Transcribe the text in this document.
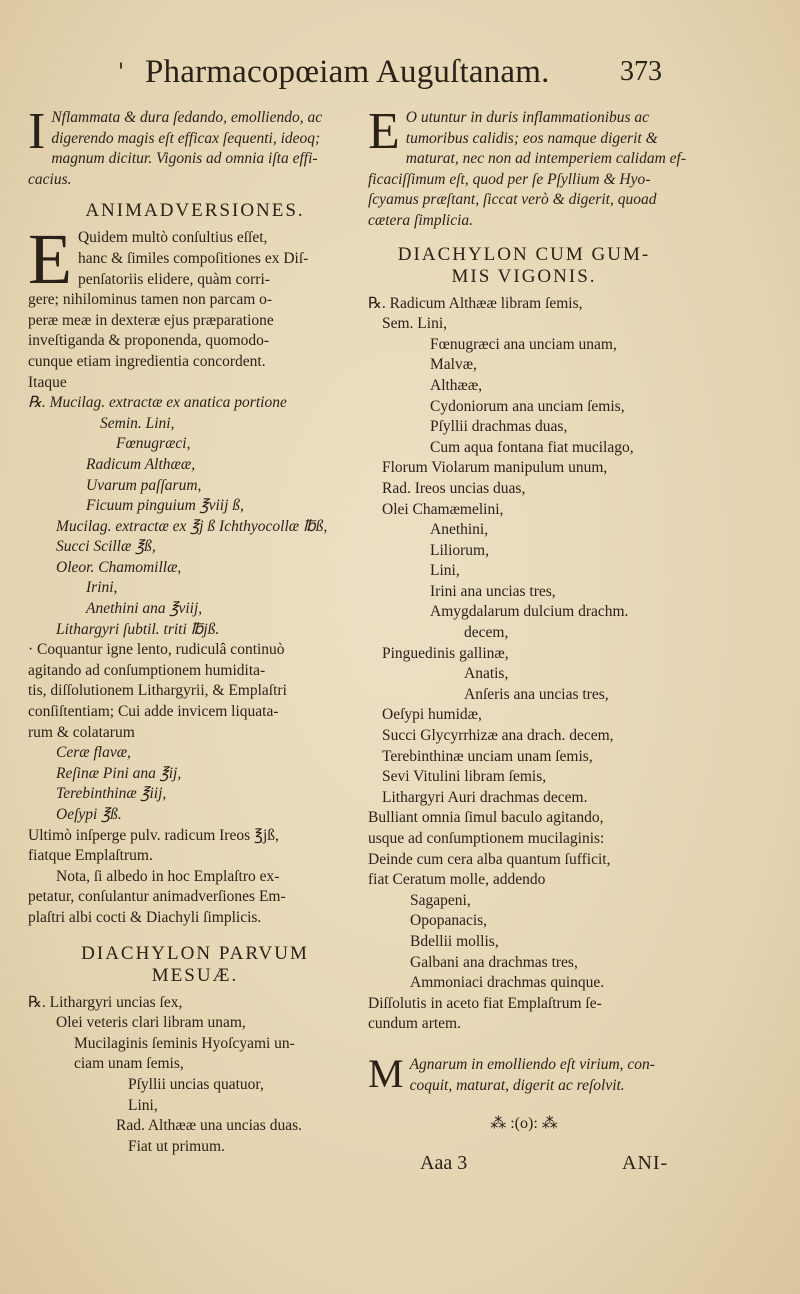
' Pharmacopœiam Auguſtanam.	373
I Nflammata & dura ſedando, emolliendo, ac
digerendo magis eſt efficax ſequenti, ideoq;
magnum dicitur. Vigonis ad omnia iſta effi-
cacius.
ANIMADVERSIONES.
E Quidem multò conſultius eſſet,
hanc & ſimiles compoſitiones ex Diſ-
penſatoriis elidere, quàm corri-
gere; nihilominus tamen non parcam o-
peræ meæ in dexteræ ejus præparatione
inveſtiganda & proponenda, quomodo-
cunque etiam ingredientia concordent.
Itaque
℞. Mucilag. extractæ ex anatica portione
Semin. Lini,
Fœnugræci,
Radicum Althææ,
Uvarum paſſarum,
Ficuum pinguium ℥viij ß,
Mucilag. extractæ ex ℥j ß Ichthyocollæ ℔ß,
Succi Scillæ ℥ß,
Oleor. Chamomillæ,
Irini,
Anethini ana ℥viij,
Lithargyri ſubtil. triti ℔jß.
· Coquantur igne lento, rudiculâ continuò
agitando ad conſumptionem humidita-
tis, diſſolutionem Lithargyrii, & Emplaſtri
conſiſtentiam; Cui adde invicem liquata-
rum & colatarum
Ceræ flavæ,
Reſinæ Pini ana ℥ij,
Terebinthinæ ℥iij,
Oeſypi ℥ß.
Ultimò inſperge pulv. radicum Ireos ℥jß,
fiatque Emplaſtrum.
Nota, ſi albedo in hoc Emplaſtro ex-
petatur, conſulantur animadverſiones Em-
plaſtri albi cocti & Diachyli ſimplicis.
DIACHYLON PARVUM
MESUÆ.
℞. Lithargyri uncias ſex,
Olei veteris clari libram unam,
Mucilaginis ſeminis Hyoſcyami un-
ciam unam ſemis,
Pſyllii uncias quatuor,
Lini,
Rad. Althææ una uncias duas.
Fiat ut primum.
E O utuntur in duris inflammationibus ac
tumoribus calidis; eos namque digerit &
maturat, nec non ad intemperiem calidam ef-
ficaciſſimum eſt, quod per ſe Pſyllium & Hyo-
ſcyamus præſtant, ſiccat verò & digerit, quoad
cætera ſimplicia.
DIACHYLON CUM GUM-
MIS VIGONIS.
℞. Radicum Althææ libram ſemis,
Sem. Lini,
Fœnugræci ana unciam unam,
Malvæ,
Althææ,
Cydoniorum ana unciam ſemis,
Pſyllii drachmas duas,
Cum aqua fontana fiat mucilago,
Florum Violarum manipulum unum,
Rad. Ireos uncias duas,
Olei Chamæmelini,
Anethini,
Liliorum,
Lini,
Irini ana uncias tres,
Amygdalarum dulcium drachm.
decem,
Pinguedinis gallinæ,
Anatis,
Anſeris ana uncias tres,
Oeſypi humidæ,
Succi Glycyrrhizæ ana drach. decem,
Terebinthinæ unciam unam ſemis,
Sevi Vitulini libram ſemis,
Lithargyri Auri drachmas decem.
Bulliant omnia ſimul baculo agitando,
usque ad conſumptionem mucilaginis:
Deinde cum cera alba quantum ſufficit,
fiat Ceratum molle, addendo
Sagapeni,
Opopanacis,
Bdellii mollis,
Galbani ana drachmas tres,
Ammoniaci drachmas quinque.
Diſſolutis in aceto fiat Emplaſtrum ſe-
cundum artem.
M Agnarum in emolliendo eſt virium, con-
coquit, maturat, digerit ac reſolvit.
⁂ :(o): ⁂
Aaa 3	ANI-
